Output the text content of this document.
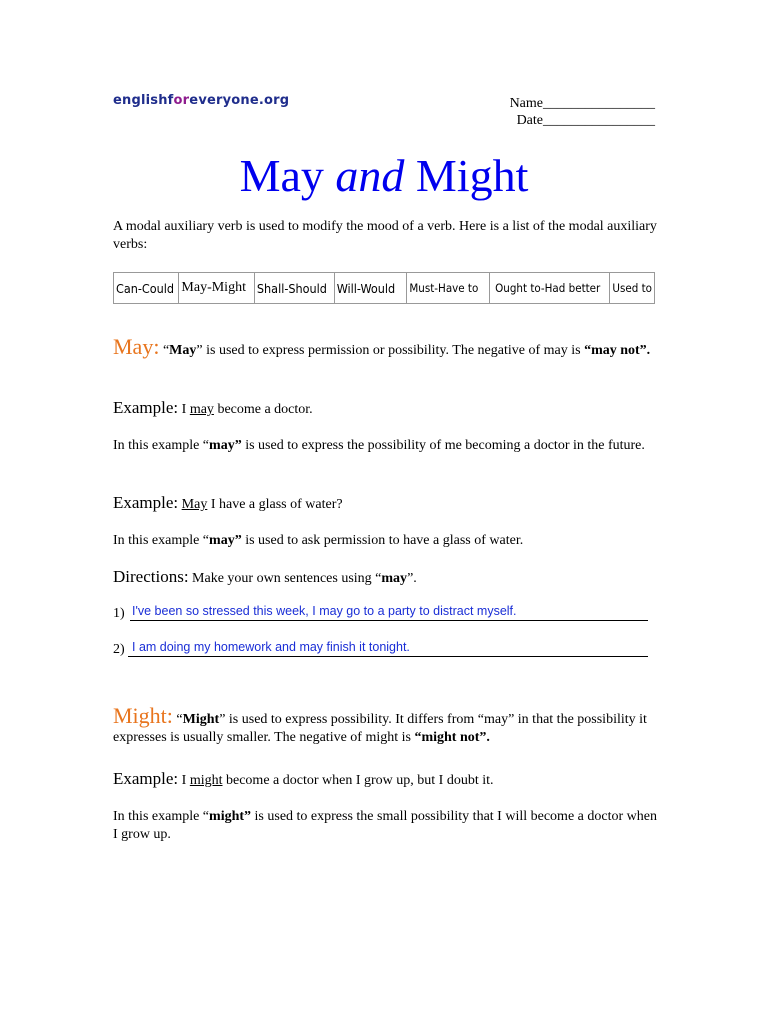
englishforeveryone.org	Name________________
Date________________
May and Might
A modal auxiliary verb is used to modify the mood of a verb. Here is a list of the modal auxiliary verbs:
Can-Could	May-Might	Shall-Should	Will-Would	Must-Have to	Ought to-Had better	Used to
May: “May” is used to express permission or possibility. The negative of may is “may not”.
Example: I may become a doctor.
In this example “may” is used to express the possibility of me becoming a doctor in the future.
Example: May I have a glass of water?
In this example “may” is used to ask permission to have a glass of water.
Directions: Make your own sentences using “may”.
1) I've been so stressed this week, I may go to a party to distract myself.
2) I am doing my homework and may finish it tonight.
Might: “Might” is used to express possibility. It differs from “may” in that the possibility it expresses is usually smaller. The negative of might is “might not”.
Example: I might become a doctor when I grow up, but I doubt it.
In this example “might” is used to express the small possibility that I will become a doctor when I grow up.
